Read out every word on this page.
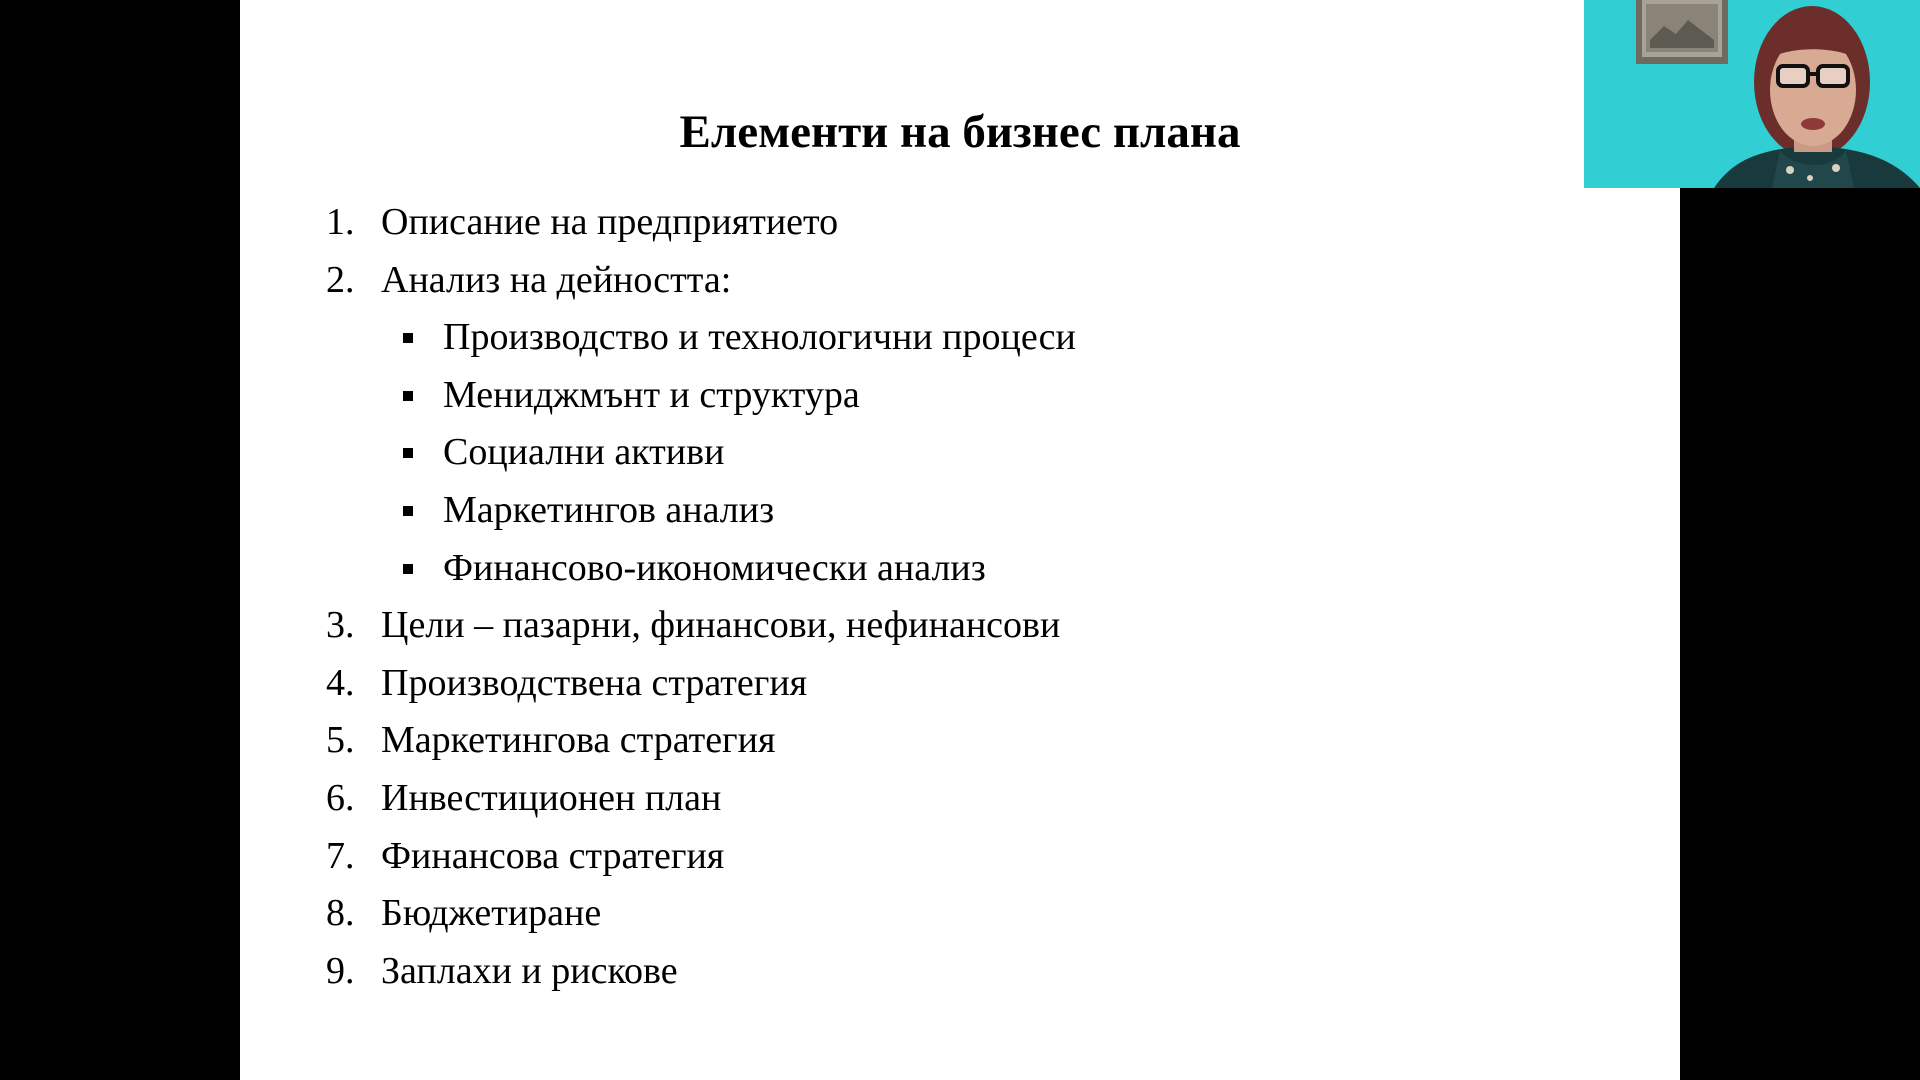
Елементи на бизнес плана
1. Описание на предприятието
2. Анализ на дейността:
Производство и технологични процеси
Мениджмънт и структура
Социални активи
Маркетингов анализ
Финансово-икономически анализ
3. Цели – пазарни, финансови, нефинансови
4. Производствена стратегия
5. Маркетингова стратегия
6. Инвестиционен план
7. Финансова стратегия
8. Бюджетиране
9. Заплахи и рискове
